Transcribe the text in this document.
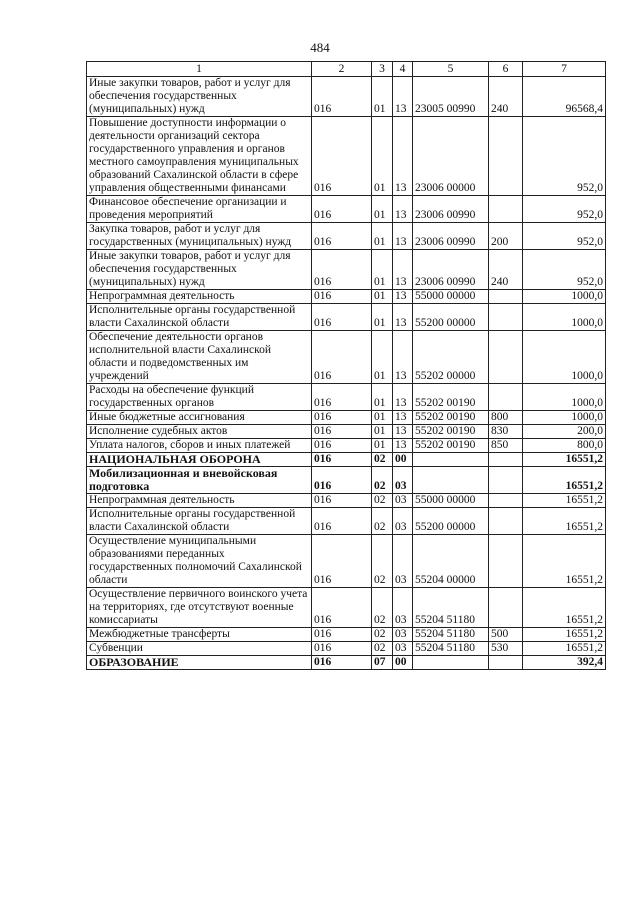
484
1	2	3	4	5	6	7
Иные закупки товаров, работ и услуг для обеспечения государственных (муниципальных) нужд	016	01	13	23005 00990	240	96568,4
Повышение доступности информации о деятельности организаций сектора государственного управления и органов местного самоуправления муниципальных образований Сахалинской области в сфере управления общественными финансами	016	01	13	23006 00000		952,0
Финансовое обеспечение организации и проведения мероприятий	016	01	13	23006 00990		952,0
Закупка товаров, работ и услуг для государственных (муниципальных) нужд	016	01	13	23006 00990	200	952,0
Иные закупки товаров, работ и услуг для обеспечения государственных (муниципальных) нужд	016	01	13	23006 00990	240	952,0
Непрограммная деятельность	016	01	13	55000 00000		1000,0
Исполнительные органы государственной власти Сахалинской области	016	01	13	55200 00000		1000,0
Обеспечение деятельности органов исполнительной власти Сахалинской области и подведомственных им учреждений	016	01	13	55202 00000		1000,0
Расходы на обеспечение функций государственных органов	016	01	13	55202 00190		1000,0
Иные бюджетные ассигнования	016	01	13	55202 00190	800	1000,0
Исполнение судебных актов	016	01	13	55202 00190	830	200,0
Уплата налогов, сборов и иных платежей	016	01	13	55202 00190	850	800,0
НАЦИОНАЛЬНАЯ ОБОРОНА	016	02	00			16551,2
Мобилизационная и вневойсковая подготовка	016	02	03			16551,2
Непрограммная деятельность	016	02	03	55000 00000		16551,2
Исполнительные органы государственной власти Сахалинской области	016	02	03	55200 00000		16551,2
Осуществление муниципальными образованиями переданных государственных полномочий Сахалинской области	016	02	03	55204 00000		16551,2
Осуществление первичного воинского учета на территориях, где отсутствуют военные комиссариаты	016	02	03	55204 51180		16551,2
Межбюджетные трансферты	016	02	03	55204 51180	500	16551,2
Субвенции	016	02	03	55204 51180	530	16551,2
ОБРАЗОВАНИЕ	016	07	00			392,4
